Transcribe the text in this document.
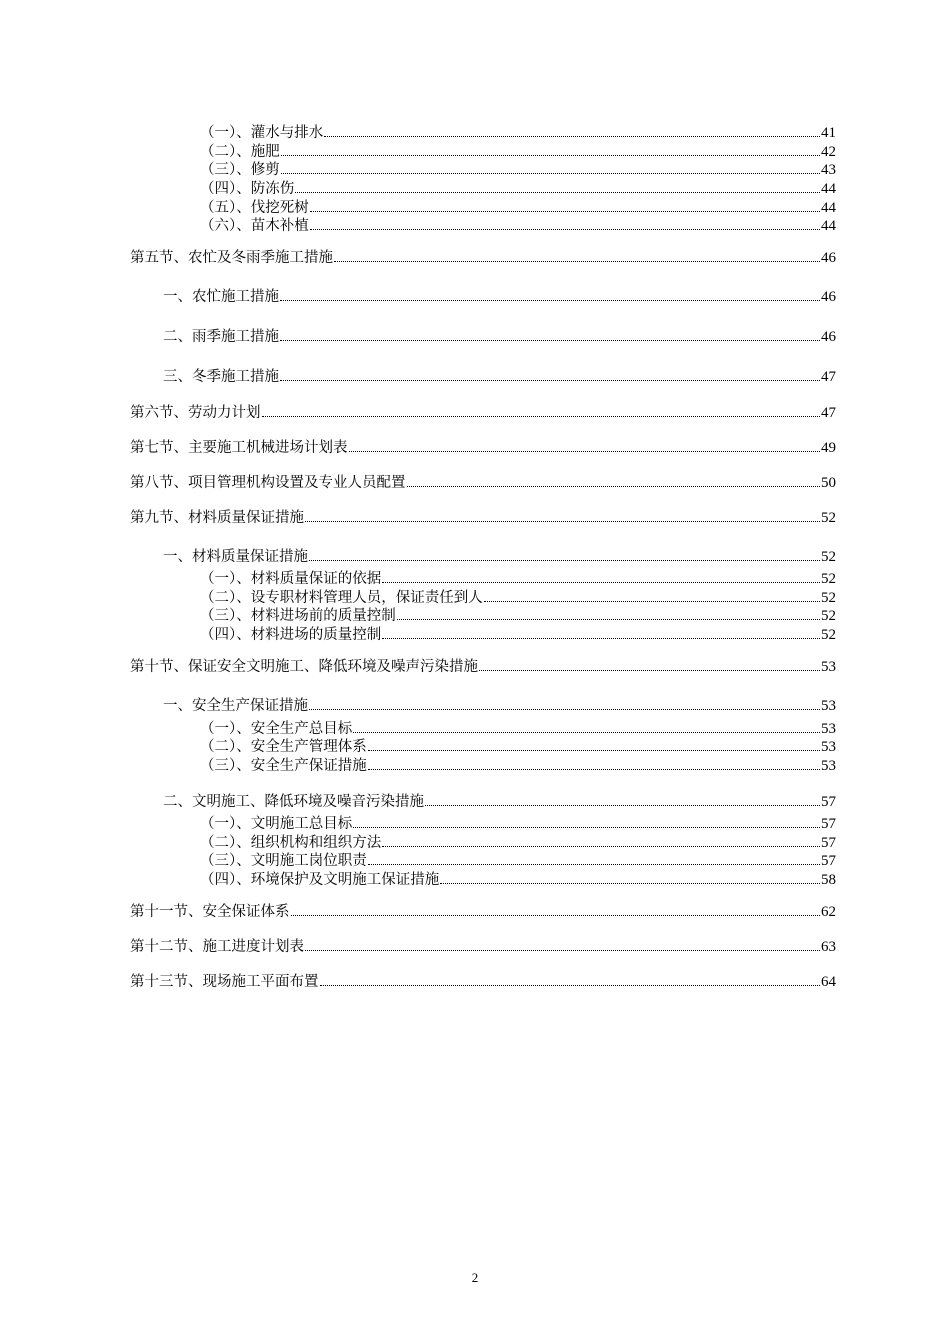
（一）、灌水与排水	41
（二）、施肥	42
（三）、修剪	43
（四）、防冻伤	44
（五）、伐挖死树	44
（六）、苗木补植	44
第五节、农忙及冬雨季施工措施	46
一、农忙施工措施	46
二、雨季施工措施	46
三、冬季施工措施	47
第六节、劳动力计划	47
第七节、主要施工机械进场计划表	49
第八节、项目管理机构设置及专业人员配置	50
第九节、材料质量保证措施	52
一、材料质量保证措施	52
（一）、材料质量保证的依据	52
（二）、设专职材料管理人员，保证责任到人	52
（三）、材料进场前的质量控制	52
（四）、材料进场的质量控制	52
第十节、保证安全文明施工、降低环境及噪声污染措施	53
一、安全生产保证措施	53
（一）、安全生产总目标	53
（二）、安全生产管理体系	53
（三）、安全生产保证措施	53
二、文明施工、降低环境及噪音污染措施	57
（一）、文明施工总目标	57
（二）、组织机构和组织方法	57
（三）、文明施工岗位职责	57
（四）、环境保护及文明施工保证措施	58
第十一节、安全保证体系	62
第十二节、施工进度计划表	63
第十三节、现场施工平面布置	64
2
